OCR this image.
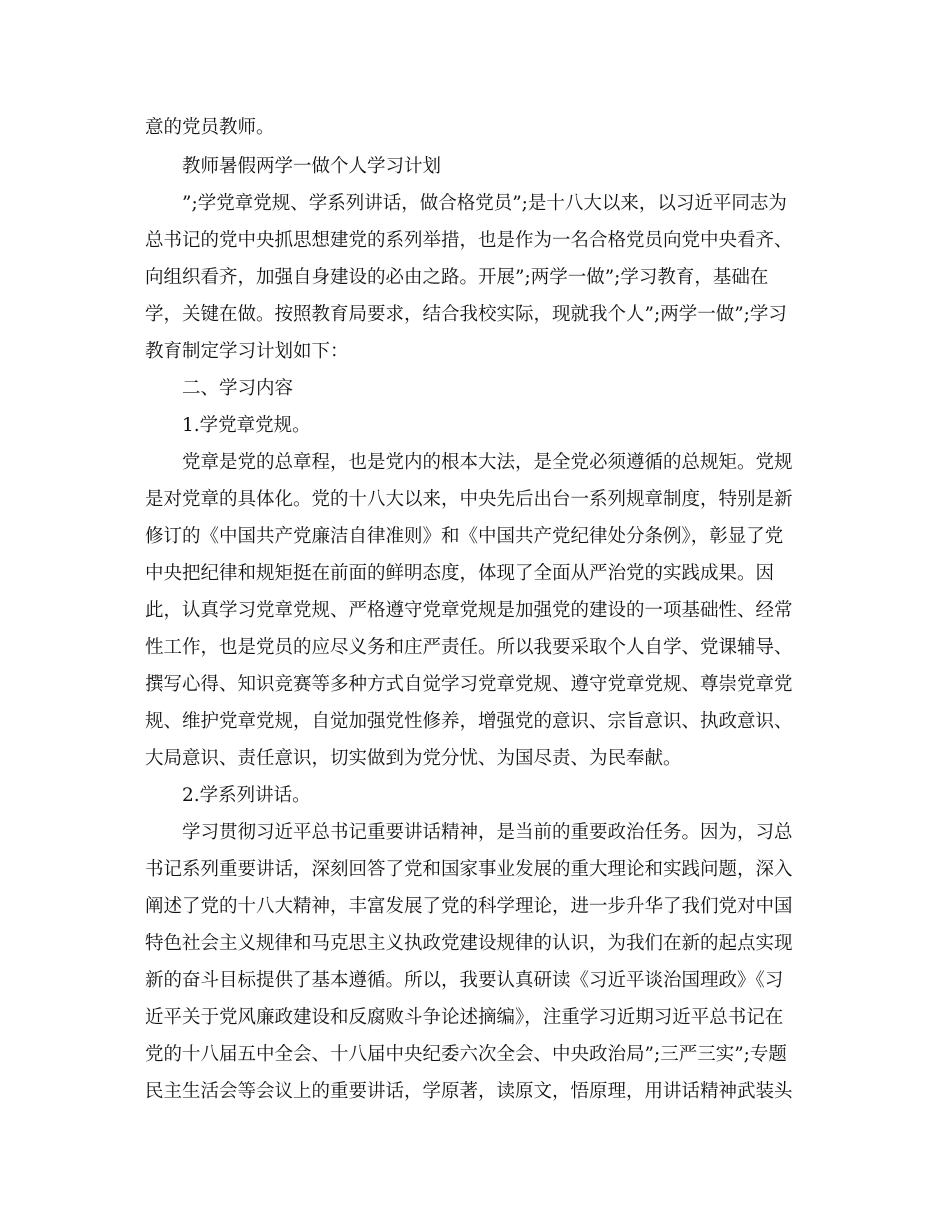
意的党员教师。
教师暑假两学一做个人学习计划
”;学党章党规、学系列讲话，做合格党员”;是十八大以来，以习近平同志为
总书记的党中央抓思想建党的系列举措，也是作为一名合格党员向党中央看齐、
向组织看齐，加强自身建设的必由之路。开展”;两学一做”;学习教育，基础在
学，关键在做。按照教育局要求，结合我校实际，现就我个人”;两学一做”;学习
教育制定学习计划如下：
二、学习内容
1.学党章党规。
党章是党的总章程，也是党内的根本大法，是全党必须遵循的总规矩。党规
是对党章的具体化。党的十八大以来，中央先后出台一系列规章制度，特别是新
修订的《中国共产党廉洁自律准则》和《中国共产党纪律处分条例》，彰显了党
中央把纪律和规矩挺在前面的鲜明态度，体现了全面从严治党的实践成果。因
此，认真学习党章党规、严格遵守党章党规是加强党的建设的一项基础性、经常
性工作，也是党员的应尽义务和庄严责任。所以我要采取个人自学、党课辅导、
撰写心得、知识竞赛等多种方式自觉学习党章党规、遵守党章党规、尊崇党章党
规、维护党章党规，自觉加强党性修养，增强党的意识、宗旨意识、执政意识、
大局意识、责任意识，切实做到为党分忧、为国尽责、为民奉献。
2.学系列讲话。
学习贯彻习近平总书记重要讲话精神，是当前的重要政治任务。因为，习总
书记系列重要讲话，深刻回答了党和国家事业发展的重大理论和实践问题，深入
阐述了党的十八大精神，丰富发展了党的科学理论，进一步升华了我们党对中国
特色社会主义规律和马克思主义执政党建设规律的认识，为我们在新的起点实现
新的奋斗目标提供了基本遵循。所以，我要认真研读《习近平谈治国理政》《习
近平关于党风廉政建设和反腐败斗争论述摘编》，注重学习近期习近平总书记在
党的十八届五中全会、十八届中央纪委六次全会、中央政治局”;三严三实”;专题
民主生活会等会议上的重要讲话，学原著，读原文，悟原理，用讲话精神武装头
